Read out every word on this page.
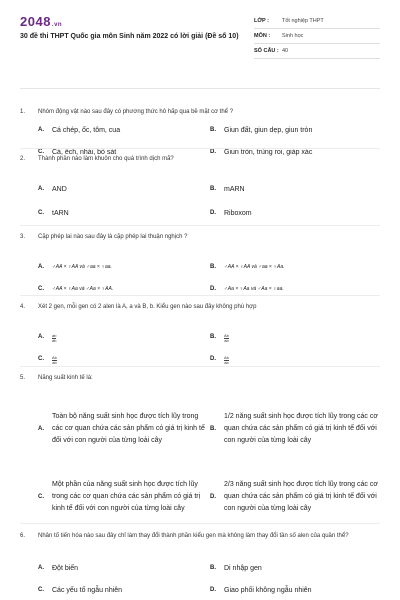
2048.vn
30 đề thi THPT Quốc gia môn Sinh năm 2022 có lời giải (Đề số 10)
LỚP :	Tốt nghiệp THPT
MÔN :	Sinh học
SỐ CÂU : 40
1.	Nhóm động vật nào sau đây có phương thức hô hấp qua bề mặt cơ thể ?
A.	Cá chép, ốc, tôm, cua	B.	Giun đất, giun dẹp, giun tròn
C.	Cá, ếch, nhái, bò sát	D.	Giun tròn, trùng roi, giáp xác
2.	Thành phần nào làm khuôn cho quá trình dịch mã?
A.	AND	B.	mARN
C.	tARN	D.	Riboxom
3.	Cặp phép lai nào sau đây là cặp phép lai thuận nghịch ?
A.	♂AA × ♀AA và ♂aa × ♀aa.	B.	♂AA × ♀AA và ♂aa × ♀Aa.
C.	♂AA × ♀Aa và ♂Aa × ♀AA.	D.	♂Aa × ♀Aa và ♂Aa × ♀aa.
4.	Xét 2 gen, mỗi gen có 2 alen là A, a và B, b. Kiểu gen nào sau đây không phù hợp
A.	$\frac{ab}{ab}$	B.	$\frac{Ab}{ab}$
C.	$\frac{Ab}{ab}$	D.	$\frac{Ab}{ab}$
5.	Năng suất kinh tế là:
A.
Toàn bộ năng suất sinh học được tích lũy trong các cơ quan chứa các sản phẩm có giá trị kinh tế đối với con người của từng loài cây
B.
1/2 năng suất sinh học được tích lũy trong các cơ quan chứa các sản phẩm có giá trị kinh tế đối với con người của từng loài cây
C.
Một phần của năng suất sinh học được tích lũy trong các cơ quan chứa các sản phẩm có giá trị kinh tế đối với con người của từng loài cây
D.
2/3 năng suất sinh học được tích lũy trong các cơ quan chứa các sản phẩm có giá trị kinh tế đối với con người của từng loài cây
6.	Nhân tố tiến hóa nào sau đây chỉ làm thay đổi thành phần kiểu gen mà không làm thay đổi tần số alen của quần thể?
A.	Đột biến	B.	Di nhập gen
C.	Các yếu tố ngẫu nhiên	D.	Giao phối không ngẫu nhiên
